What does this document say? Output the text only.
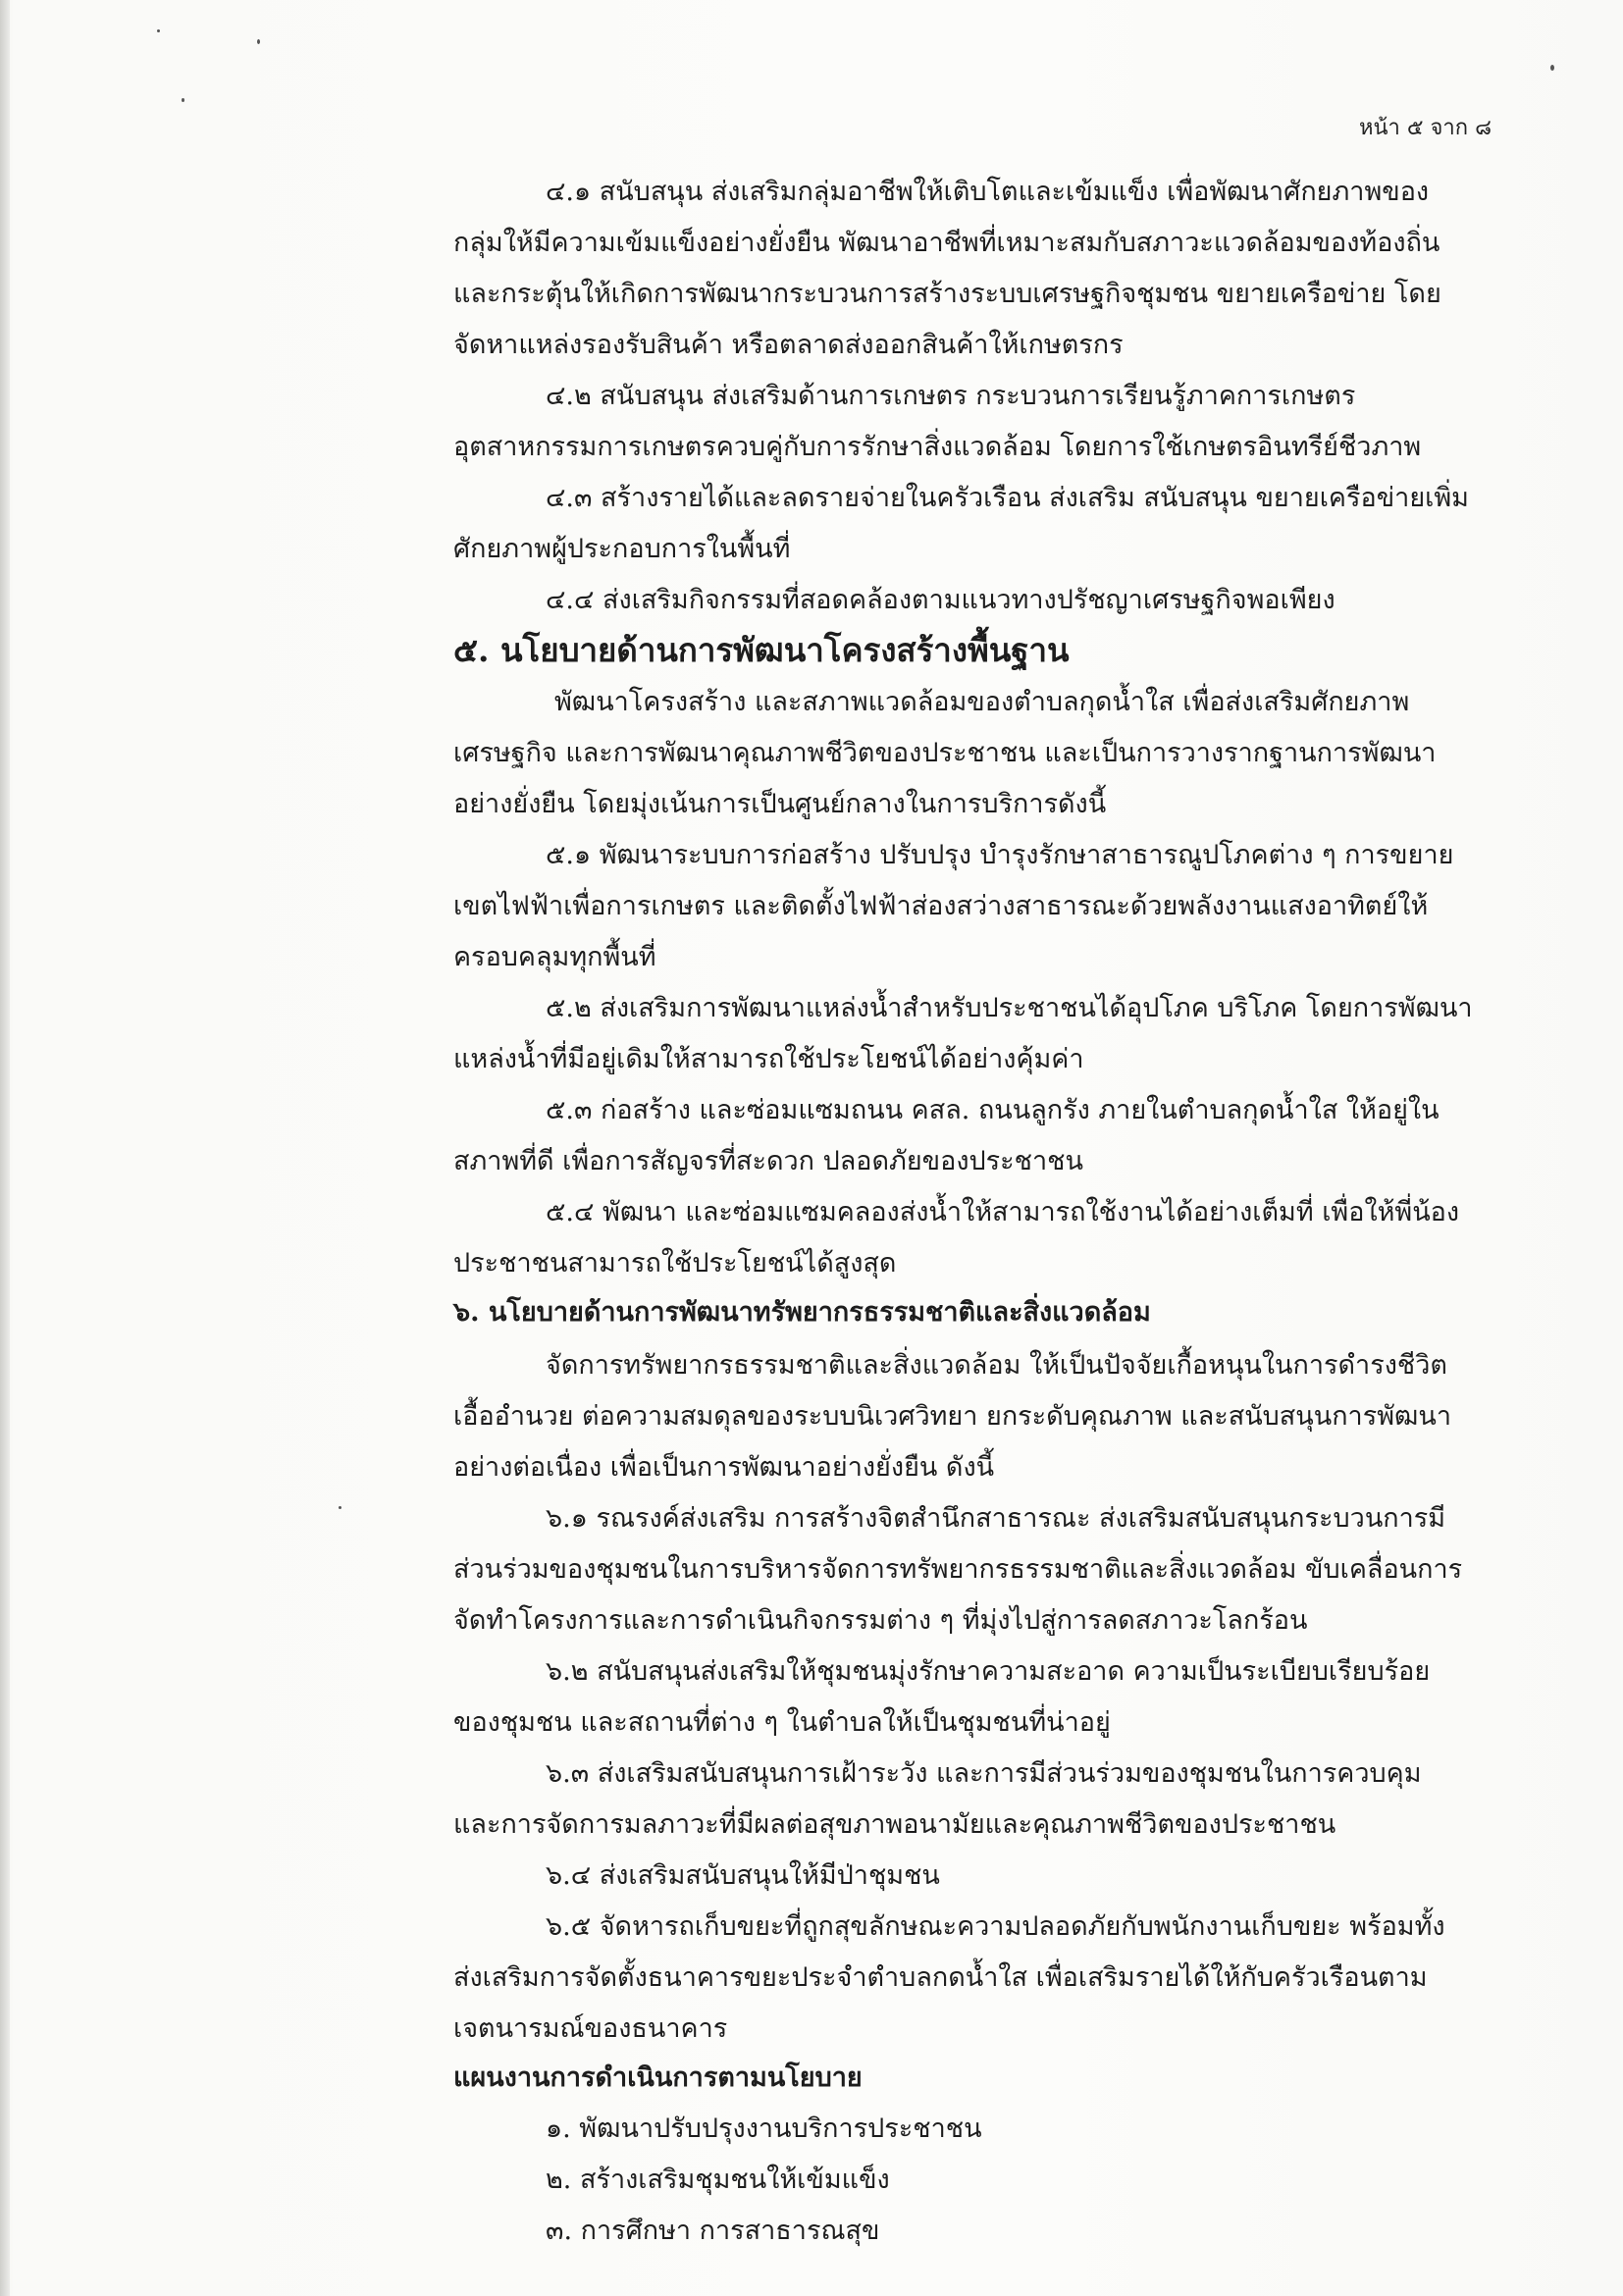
หน้า ๕ จาก ๘

๔.๑ สนับสนุน ส่งเสริมกลุ่มอาชีพให้เติบโตและเข้มแข็ง เพื่อพัฒนาศักยภาพของ

กลุ่มให้มีความเข้มแข็งอย่างยั่งยืน พัฒนาอาชีพที่เหมาะสมกับสภาวะแวดล้อมของท้องถิ่น

และกระตุ้นให้เกิดการพัฒนากระบวนการสร้างระบบเศรษฐกิจชุมชน ขยายเครือข่าย โดย

จัดหาแหล่งรองรับสินค้า หรือตลาดส่งออกสินค้าให้เกษตรกร

๔.๒ สนับสนุน ส่งเสริมด้านการเกษตร กระบวนการเรียนรู้ภาคการเกษตร

อุตสาหกรรมการเกษตรควบคู่กับการรักษาสิ่งแวดล้อม โดยการใช้เกษตรอินทรีย์ชีวภาพ

๔.๓ สร้างรายได้และลดรายจ่ายในครัวเรือน ส่งเสริม สนับสนุน ขยายเครือข่ายเพิ่ม

ศักยภาพผู้ประกอบการในพื้นที่

๔.๔ ส่งเสริมกิจกรรมที่สอดคล้องตามแนวทางปรัชญาเศรษฐกิจพอเพียง

๕. นโยบายด้านการพัฒนาโครงสร้างพื้นฐาน

พัฒนาโครงสร้าง และสภาพแวดล้อมของตำบลกุดน้ำใส เพื่อส่งเสริมศักยภาพ

เศรษฐกิจ และการพัฒนาคุณภาพชีวิตของประชาชน และเป็นการวางรากฐานการพัฒนา

อย่างยั่งยืน โดยมุ่งเน้นการเป็นศูนย์กลางในการบริการดังนี้

๕.๑ พัฒนาระบบการก่อสร้าง ปรับปรุง บำรุงรักษาสาธารณูปโภคต่าง ๆ การขยาย

เขตไฟฟ้าเพื่อการเกษตร และติดตั้งไฟฟ้าส่องสว่างสาธารณะด้วยพลังงานแสงอาทิตย์ให้

ครอบคลุมทุกพื้นที่

๕.๒ ส่งเสริมการพัฒนาแหล่งน้ำสำหรับประชาชนได้อุปโภค บริโภค โดยการพัฒนา

แหล่งน้ำที่มีอยู่เดิมให้สามารถใช้ประโยชน์ได้อย่างคุ้มค่า

๕.๓ ก่อสร้าง และซ่อมแซมถนน คสล. ถนนลูกรัง ภายในตำบลกุดน้ำใส ให้อยู่ใน

สภาพที่ดี เพื่อการสัญจรที่สะดวก ปลอดภัยของประชาชน

๕.๔ พัฒนา และซ่อมแซมคลองส่งน้ำให้สามารถใช้งานได้อย่างเต็มที่ เพื่อให้พี่น้อง

ประชาชนสามารถใช้ประโยชน์ได้สูงสุด

๖. นโยบายด้านการพัฒนาทรัพยากรธรรมชาติและสิ่งแวดล้อม

จัดการทรัพยากรธรรมชาติและสิ่งแวดล้อม ให้เป็นปัจจัยเกื้อหนุนในการดำรงชีวิต

เอื้ออำนวย ต่อความสมดุลของระบบนิเวศวิทยา ยกระดับคุณภาพ และสนับสนุนการพัฒนา

อย่างต่อเนื่อง เพื่อเป็นการพัฒนาอย่างยั่งยืน ดังนี้

๖.๑ รณรงค์ส่งเสริม การสร้างจิตสำนึกสาธารณะ ส่งเสริมสนับสนุนกระบวนการมี

ส่วนร่วมของชุมชนในการบริหารจัดการทรัพยากรธรรมชาติและสิ่งแวดล้อม ขับเคลื่อนการ

จัดทำโครงการและการดำเนินกิจกรรมต่าง ๆ ที่มุ่งไปสู่การลดสภาวะโลกร้อน

๖.๒ สนับสนุนส่งเสริมให้ชุมชนมุ่งรักษาความสะอาด ความเป็นระเบียบเรียบร้อย

ของชุมชน และสถานที่ต่าง ๆ ในตำบลให้เป็นชุมชนที่น่าอยู่

๖.๓ ส่งเสริมสนับสนุนการเฝ้าระวัง และการมีส่วนร่วมของชุมชนในการควบคุม

และการจัดการมลภาวะที่มีผลต่อสุขภาพอนามัยและคุณภาพชีวิตของประชาชน

๖.๔ ส่งเสริมสนับสนุนให้มีป่าชุมชน

๖.๕ จัดหารถเก็บขยะที่ถูกสุขลักษณะความปลอดภัยกับพนักงานเก็บขยะ พร้อมทั้ง

ส่งเสริมการจัดตั้งธนาคารขยะประจำตำบลกดน้ำใส เพื่อเสริมรายได้ให้กับครัวเรือนตาม

เจตนารมณ์ของธนาคาร

แผนงานการดำเนินการตามนโยบาย

๑. พัฒนาปรับปรุงงานบริการประชาชน

๒. สร้างเสริมชุมชนให้เข้มแข็ง

๓. การศึกษา การสาธารณสุข
